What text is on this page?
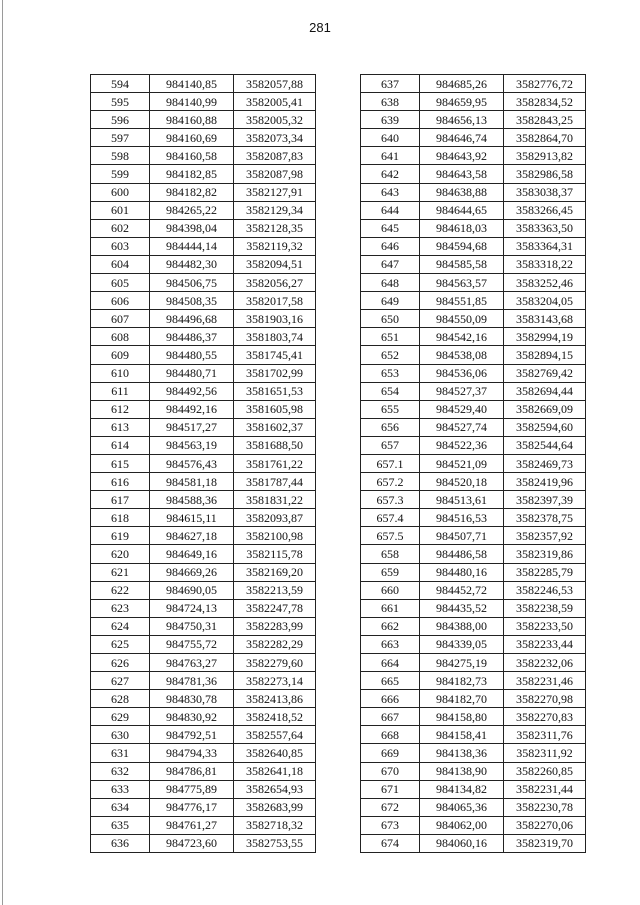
281
594	984140,85	3582057,88
595	984140,99	3582005,41
596	984160,88	3582005,32
597	984160,69	3582073,34
598	984160,58	3582087,83
599	984182,85	3582087,98
600	984182,82	3582127,91
601	984265,22	3582129,34
602	984398,04	3582128,35
603	984444,14	3582119,32
604	984482,30	3582094,51
605	984506,75	3582056,27
606	984508,35	3582017,58
607	984496,68	3581903,16
608	984486,37	3581803,74
609	984480,55	3581745,41
610	984480,71	3581702,99
611	984492,56	3581651,53
612	984492,16	3581605,98
613	984517,27	3581602,37
614	984563,19	3581688,50
615	984576,43	3581761,22
616	984581,18	3581787,44
617	984588,36	3581831,22
618	984615,11	3582093,87
619	984627,18	3582100,98
620	984649,16	3582115,78
621	984669,26	3582169,20
622	984690,05	3582213,59
623	984724,13	3582247,78
624	984750,31	3582283,99
625	984755,72	3582282,29
626	984763,27	3582279,60
627	984781,36	3582273,14
628	984830,78	3582413,86
629	984830,92	3582418,52
630	984792,51	3582557,64
631	984794,33	3582640,85
632	984786,81	3582641,18
633	984775,89	3582654,93
634	984776,17	3582683,99
635	984761,27	3582718,32
636	984723,60	3582753,55
637	984685,26	3582776,72
638	984659,95	3582834,52
639	984656,13	3582843,25
640	984646,74	3582864,70
641	984643,92	3582913,82
642	984643,58	3582986,58
643	984638,88	3583038,37
644	984644,65	3583266,45
645	984618,03	3583363,50
646	984594,68	3583364,31
647	984585,58	3583318,22
648	984563,57	3583252,46
649	984551,85	3583204,05
650	984550,09	3583143,68
651	984542,16	3582994,19
652	984538,08	3582894,15
653	984536,06	3582769,42
654	984527,37	3582694,44
655	984529,40	3582669,09
656	984527,74	3582594,60
657	984522,36	3582544,64
657.1	984521,09	3582469,73
657.2	984520,18	3582419,96
657.3	984513,61	3582397,39
657.4	984516,53	3582378,75
657.5	984507,71	3582357,92
658	984486,58	3582319,86
659	984480,16	3582285,79
660	984452,72	3582246,53
661	984435,52	3582238,59
662	984388,00	3582233,50
663	984339,05	3582233,44
664	984275,19	3582232,06
665	984182,73	3582231,46
666	984182,70	3582270,98
667	984158,80	3582270,83
668	984158,41	3582311,76
669	984138,36	3582311,92
670	984138,90	3582260,85
671	984134,82	3582231,44
672	984065,36	3582230,78
673	984062,00	3582270,06
674	984060,16	3582319,70
